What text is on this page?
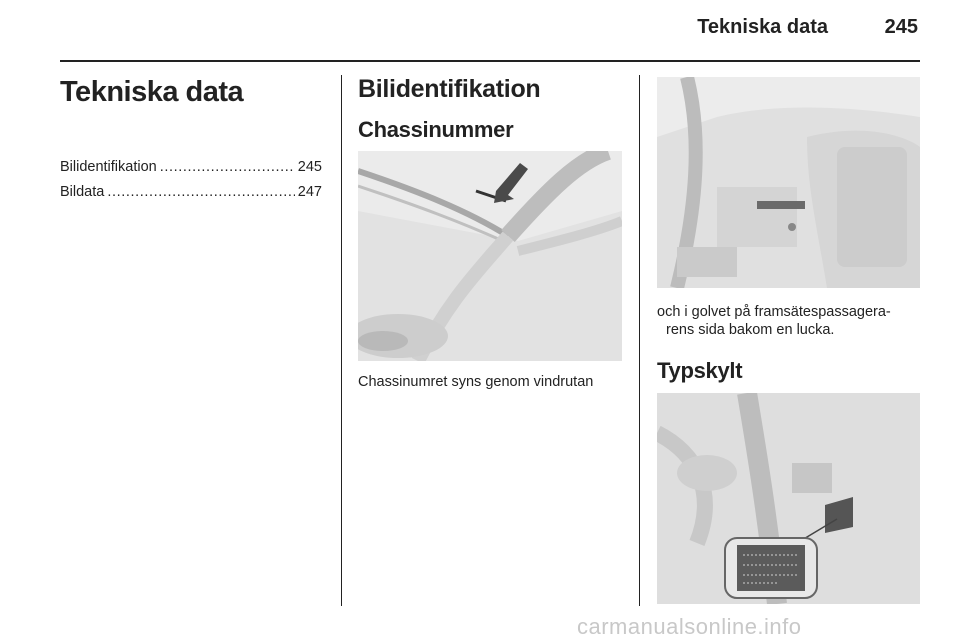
Tekniska data	245
Tekniska data
Bilidentifikation .....	245
Bildata .....	247
Bilidentifikation
Chassinummer
Chassinumret syns genom vindrutan
och i golvet på framsätespassagera-
rens sida bakom en lucka.
Typskylt
carmanualsonline.info
